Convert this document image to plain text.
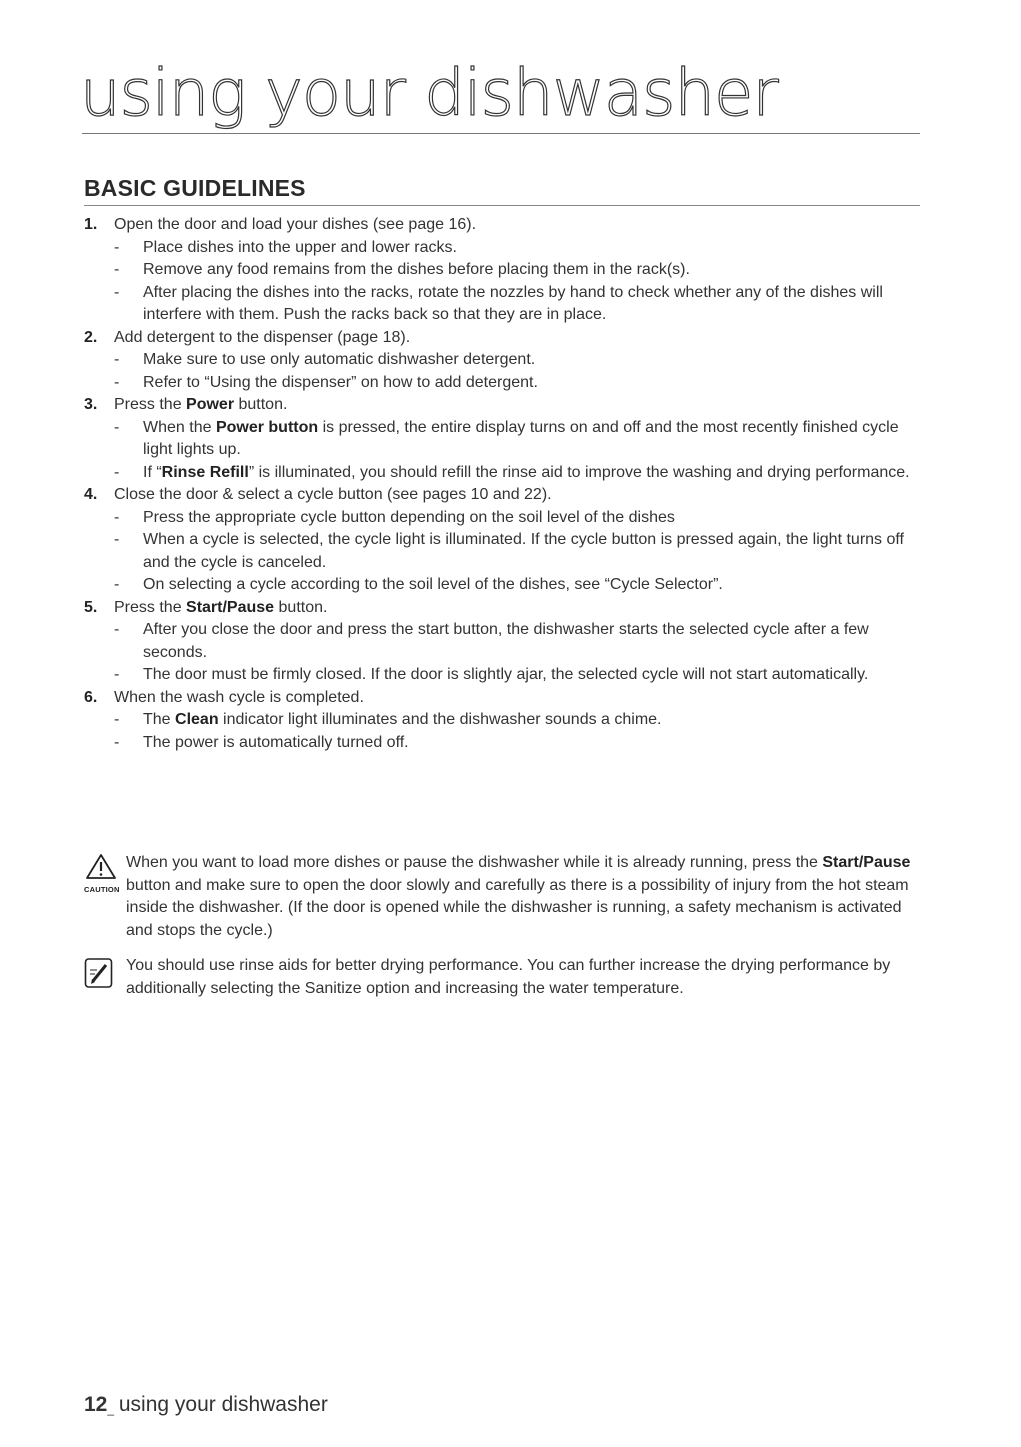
using your dishwasher
BASIC GUIDELINES
1. Open the door and load your dishes (see page 16).
- Place dishes into the upper and lower racks.
- Remove any food remains from the dishes before placing them in the rack(s).
- After placing the dishes into the racks, rotate the nozzles by hand to check whether any of the dishes will interfere with them. Push the racks back so that they are in place.
2. Add detergent to the dispenser (page 18).
- Make sure to use only automatic dishwasher detergent.
- Refer to “Using the dispenser” on how to add detergent.
3. Press the Power button.
- When the Power button is pressed, the entire display turns on and off and the most recently finished cycle light lights up.
- If “Rinse Refill” is illuminated, you should refill the rinse aid to improve the washing and drying performance.
4. Close the door & select a cycle button (see pages 10 and 22).
- Press the appropriate cycle button depending on the soil level of the dishes
- When a cycle is selected, the cycle light is illuminated. If the cycle button is pressed again, the light turns off and the cycle is canceled.
- On selecting a cycle according to the soil level of the dishes, see “Cycle Selector”.
5. Press the Start/Pause button.
- After you close the door and press the start button, the dishwasher starts the selected cycle after a few seconds.
- The door must be firmly closed. If the door is slightly ajar, the selected cycle will not start automatically.
6. When the wash cycle is completed.
- The Clean indicator light illuminates and the dishwasher sounds a chime.
- The power is automatically turned off.
CAUTION
When you want to load more dishes or pause the dishwasher while it is already running, press the Start/Pause button and make sure to open the door slowly and carefully as there is a possibility of injury from the hot steam inside the dishwasher. (If the door is opened while the dishwasher is running, a safety mechanism is activated and stops the cycle.)
You should use rinse aids for better drying performance. You can further increase the drying performance by additionally selecting the Sanitize option and increasing the water temperature.
12_ using your dishwasher
